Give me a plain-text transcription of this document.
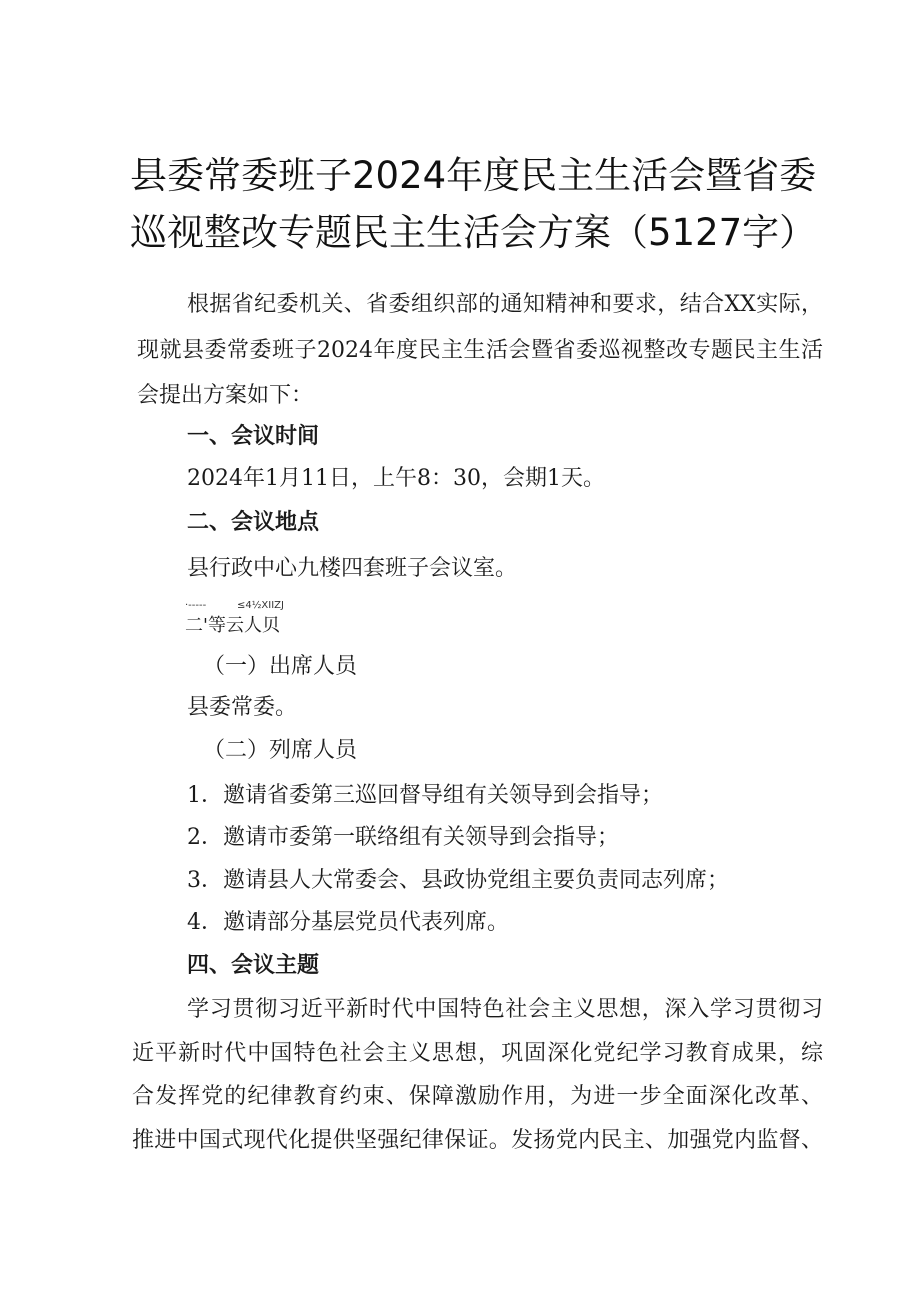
县委常委班子2024年度民主生活会暨省委
巡视整改专题民主生活会方案（5127字）
根据省纪委机关、省委组织部的通知精神和要求，结合XX实际，
现就县委常委班子2024年度民主生活会暨省委巡视整改专题民主生活
会提出方案如下：
一、会议时间
2024年1月11日，上午8：30，会期1天。
二、会议地点
县行政中心九楼四套班子会议室。
·-----	≤4½XIIZJ
二'等云人贝
（一）出席人员
县委常委。
（二）列席人员
1．邀请省委第三巡回督导组有关领导到会指导；
2．邀请市委第一联络组有关领导到会指导；
3．邀请县人大常委会、县政协党组主要负责同志列席；
4．邀请部分基层党员代表列席。
四、会议主题
学习贯彻习近平新时代中国特色社会主义思想，深入学习贯彻习
近平新时代中国特色社会主义思想，巩固深化党纪学习教育成果，综
合发挥党的纪律教育约束、保障激励作用，为进一步全面深化改革、
推进中国式现代化提供坚强纪律保证。发扬党内民主、加强党内监督、
